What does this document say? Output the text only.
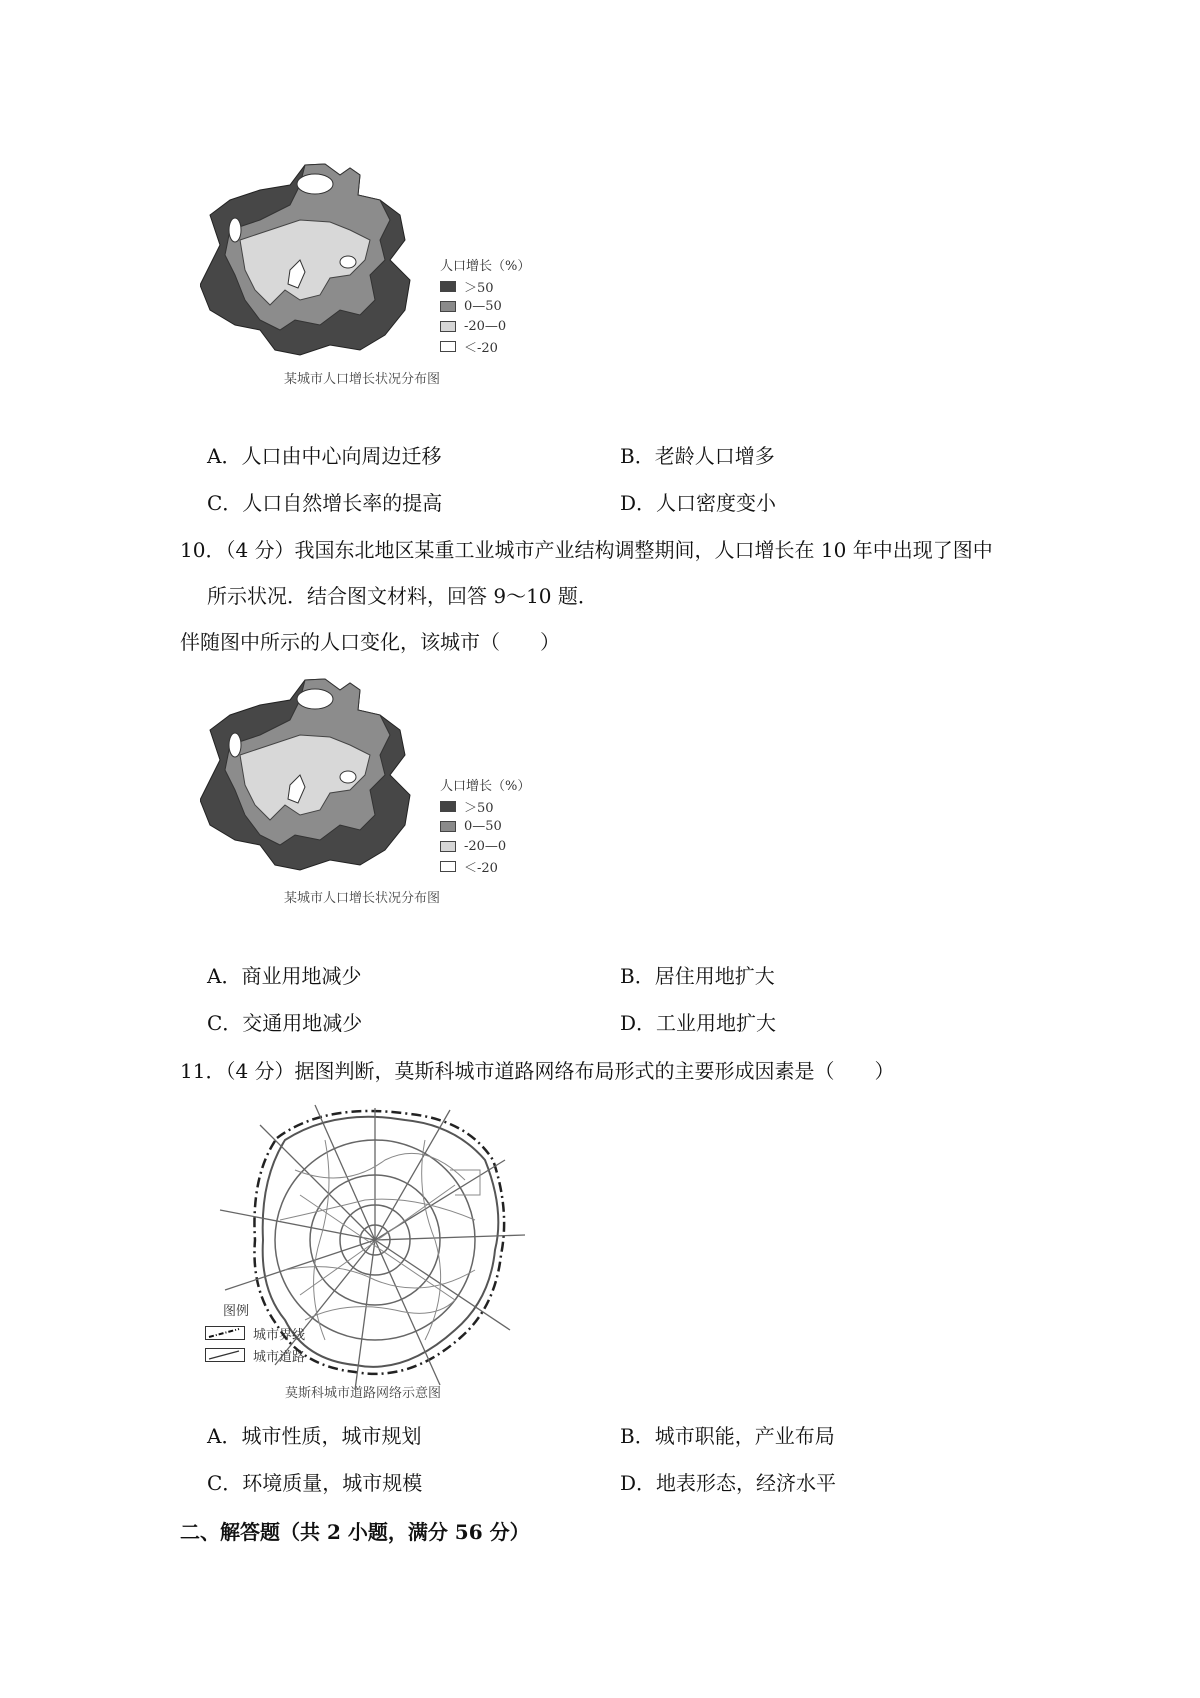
人口增长（%）
＞50
0—50
-20—0
＜-20
某城市人口增长状况分布图
A．人口由中心向周边迁移	B．老龄人口增多
C．人口自然增长率的提高	D．人口密度变小
10．（4 分）我国东北地区某重工业城市产业结构调整期间，人口增长在 10 年中出现了图中
所示状况．结合图文材料，回答 9～10 题．
伴随图中所示的人口变化，该城市（　　）
人口增长（%）
＞50
0—50
-20—0
＜-20
某城市人口增长状况分布图
A．商业用地减少	B．居住用地扩大
C．交通用地减少	D．工业用地扩大
11．（4 分）据图判断，莫斯科城市道路网络布局形式的主要形成因素是（　　）
图例
城市界线
城市道路
莫斯科城市道路网络示意图
A．城市性质，城市规划	B．城市职能，产业布局
C．环境质量，城市规模	D．地表形态，经济水平
二、解答题（共 2 小题，满分 56 分）
